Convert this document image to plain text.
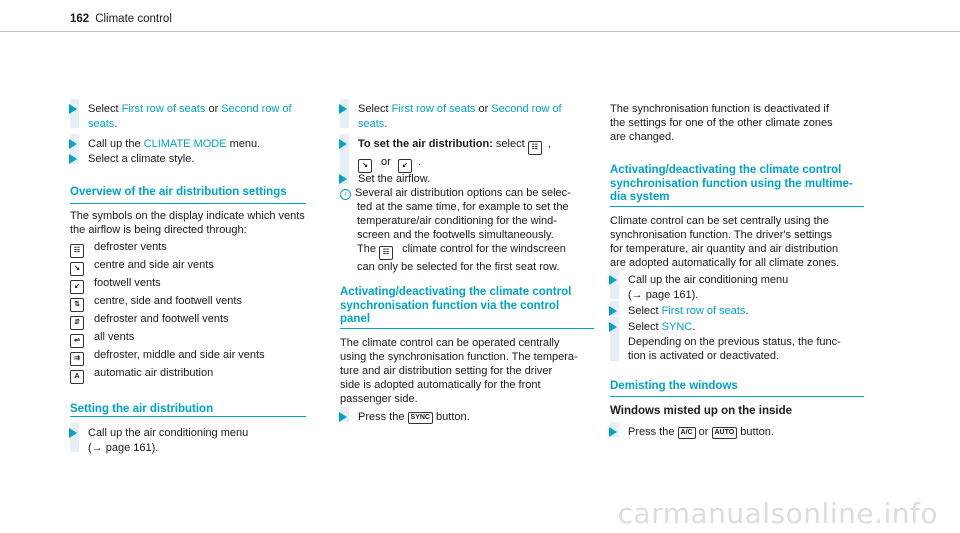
162 Climate control
Select First row of seats or Second row of
seats.
Call up the CLIMATE MODE menu.
Select a climate style.
Overview of the air distribution settings
The symbols on the display indicate which vents
the airflow is being directed through:
☷ defroster vents
↘ centre and side air vents
↙ footwell vents
⇅ centre, side and footwell vents
⇵ defroster and footwell vents
⇌ all vents
⇉ defroster, middle and side air vents
A automatic air distribution
Setting the air distribution
Call up the air conditioning menu
(→ page 161).
Select First row of seats or Second row of
seats.
To set the air distribution: select ☷ ,
↘ or ↙ .
Set the airflow.
i Several air distribution options can be selec-
ted at the same time, for example to set the
temperature/air conditioning for the wind-
screen and the footwells simultaneously.
The ☷ climate control for the windscreen
can only be selected for the first seat row.
Activating/deactivating the climate control
synchronisation function via the control
panel
The climate control can be operated centrally
using the synchronisation function. The tempera-
ture and air distribution setting for the driver
side is adopted automatically for the front
passenger side.
Press the SYNC button.
The synchronisation function is deactivated if
the settings for one of the other climate zones
are changed.
Activating/deactivating the climate control
synchronisation function using the multime-
dia system
Climate control can be set centrally using the
synchronisation function. The driver's settings
for temperature, air quantity and air distribution
are adopted automatically for all climate zones.
Call up the air conditioning menu
(→ page 161).
Select First row of seats.
Select SYNC.
Depending on the previous status, the func-
tion is activated or deactivated.
Demisting the windows
Windows misted up on the inside
Press the A/C or AUTO button.
carmanualsonline.info
